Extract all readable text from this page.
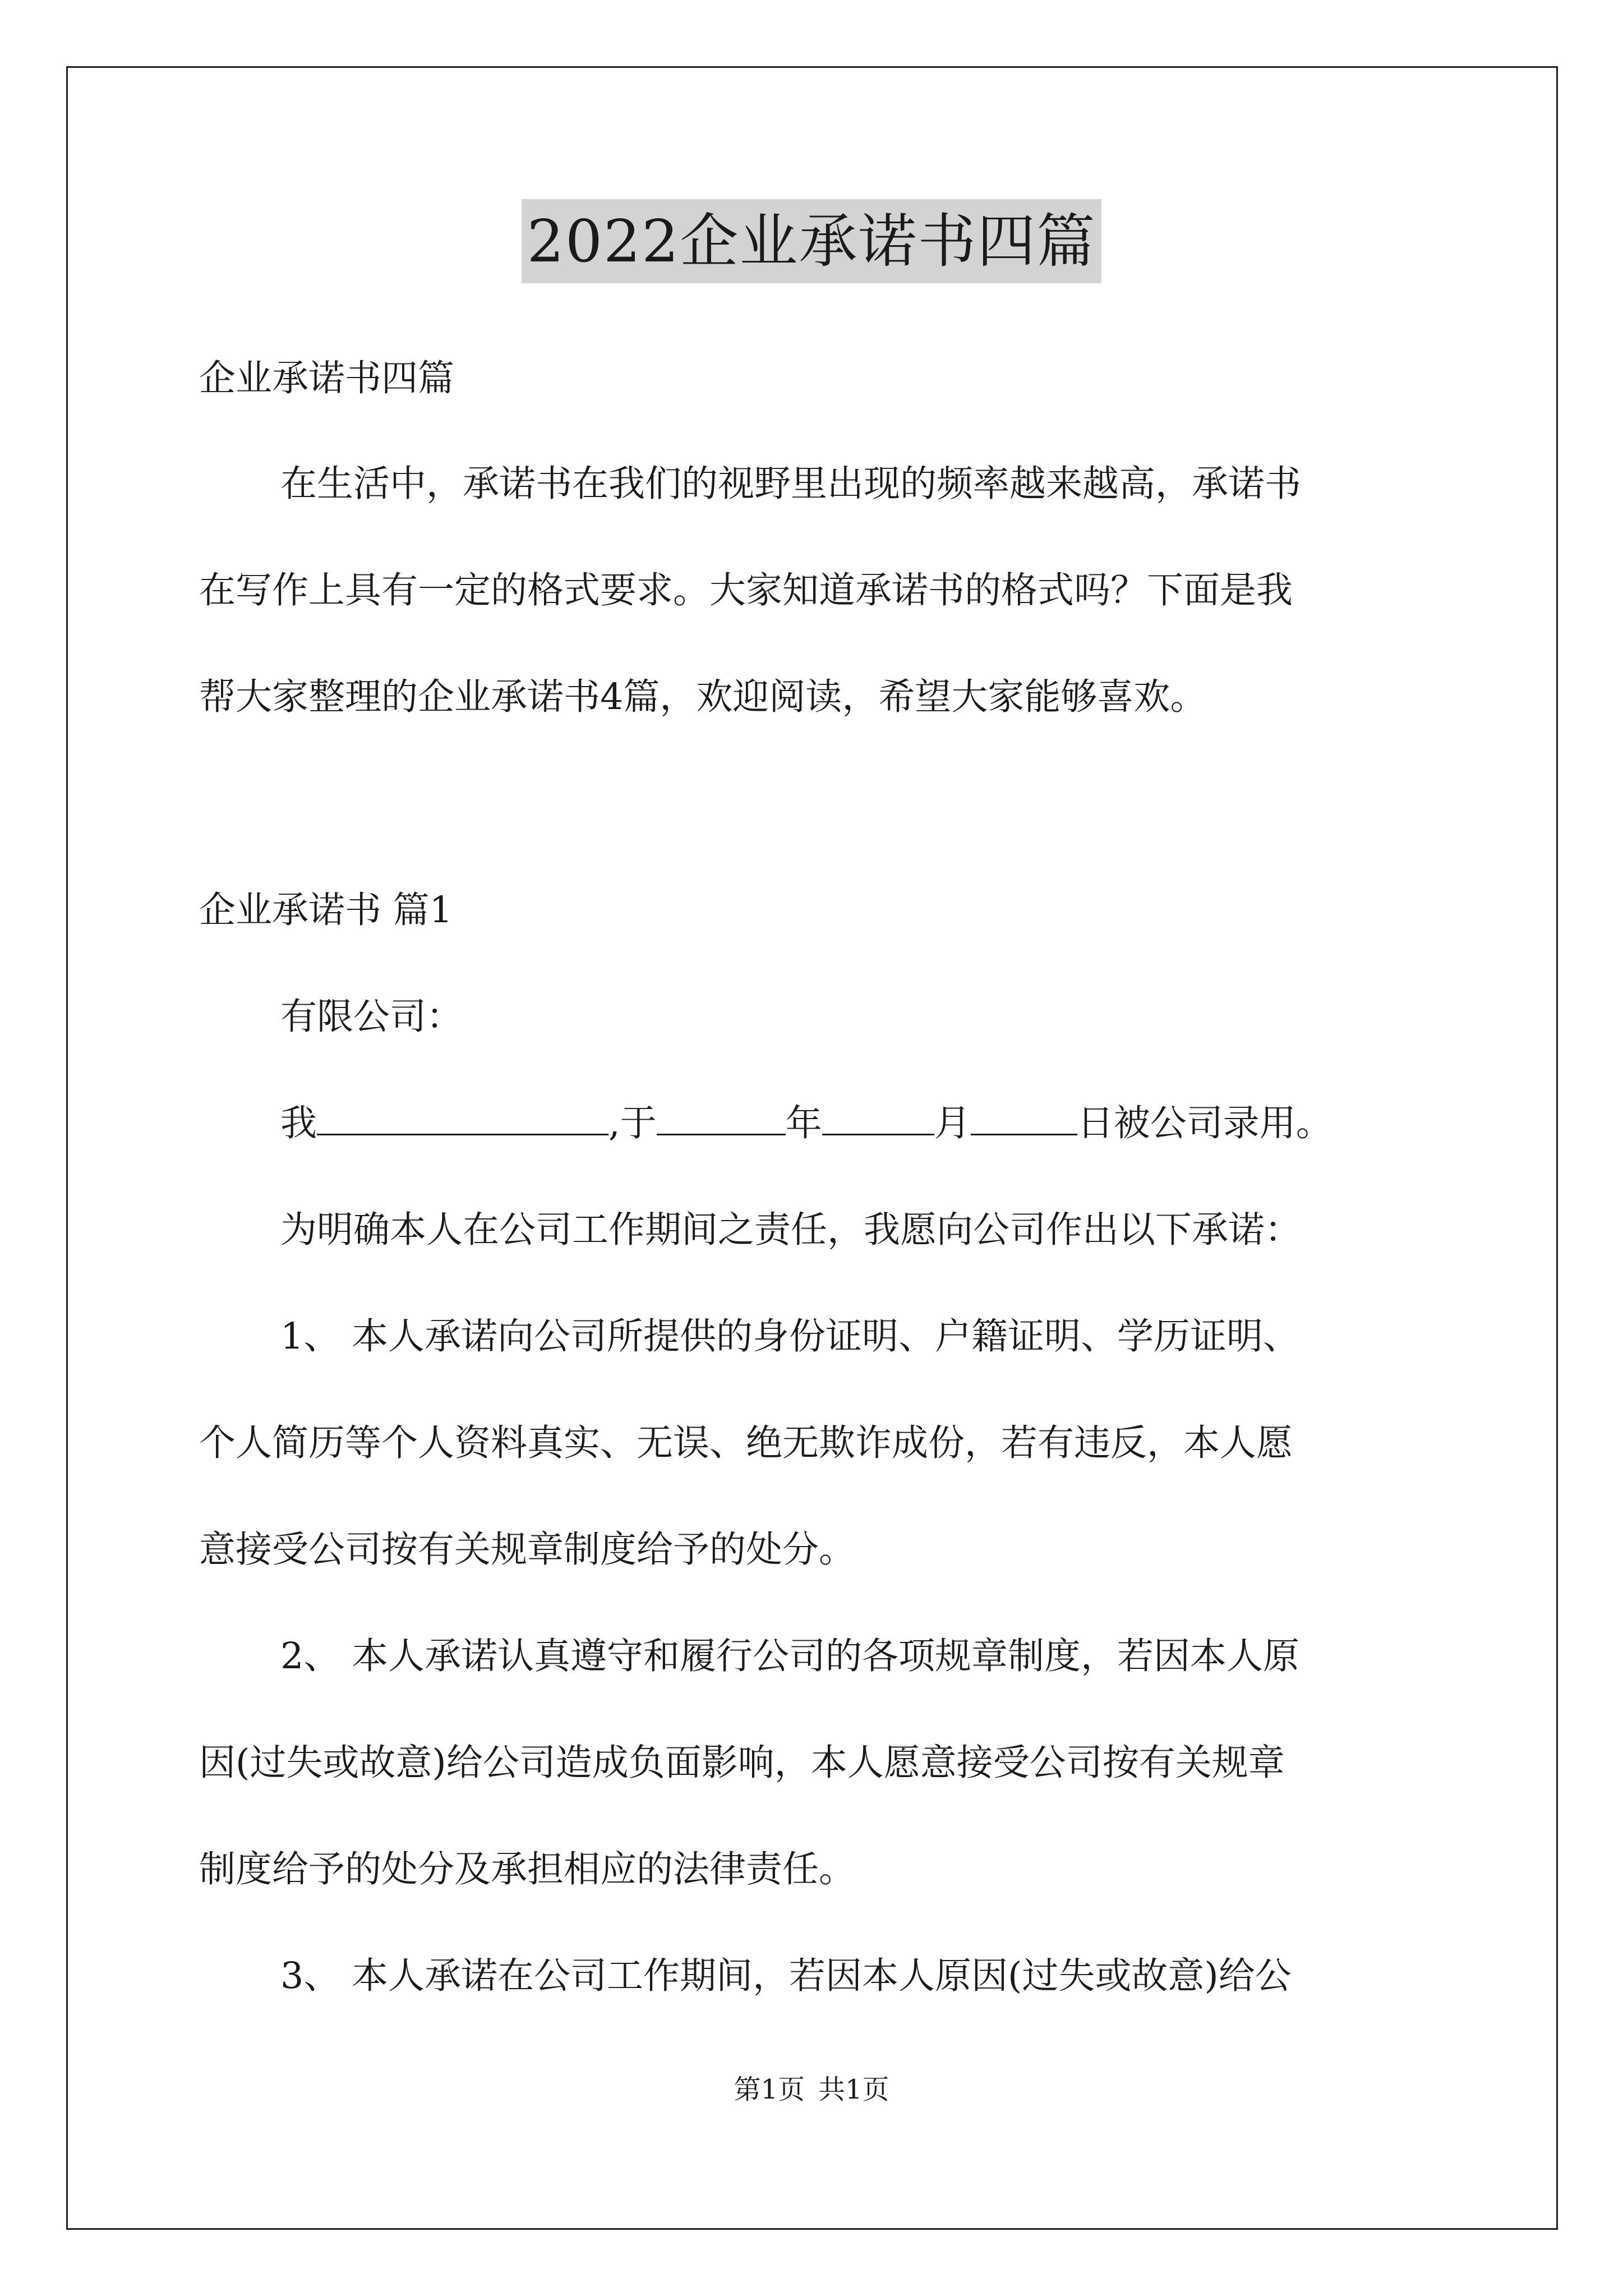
2022企业承诺书四篇
企业承诺书四篇
在生活中，承诺书在我们的视野里出现的频率越来越高，承诺书
在写作上具有一定的格式要求。大家知道承诺书的格式吗？下面是我
帮大家整理的企业承诺书4篇，欢迎阅读，希望大家能够喜欢。
企业承诺书 篇1
有限公司：
我	,于	年	月	日被公司录用。
为明确本人在公司工作期间之责任，我愿向公司作出以下承诺：
1、 本人承诺向公司所提供的身份证明、户籍证明、学历证明、
个人简历等个人资料真实、无误、绝无欺诈成份，若有违反，本人愿
意接受公司按有关规章制度给予的处分。
2、 本人承诺认真遵守和履行公司的各项规章制度，若因本人原
因(过失或故意)给公司造成负面影响，本人愿意接受公司按有关规章
制度给予的处分及承担相应的法律责任。
3、 本人承诺在公司工作期间，若因本人原因(过失或故意)给公
第1页 共1页
